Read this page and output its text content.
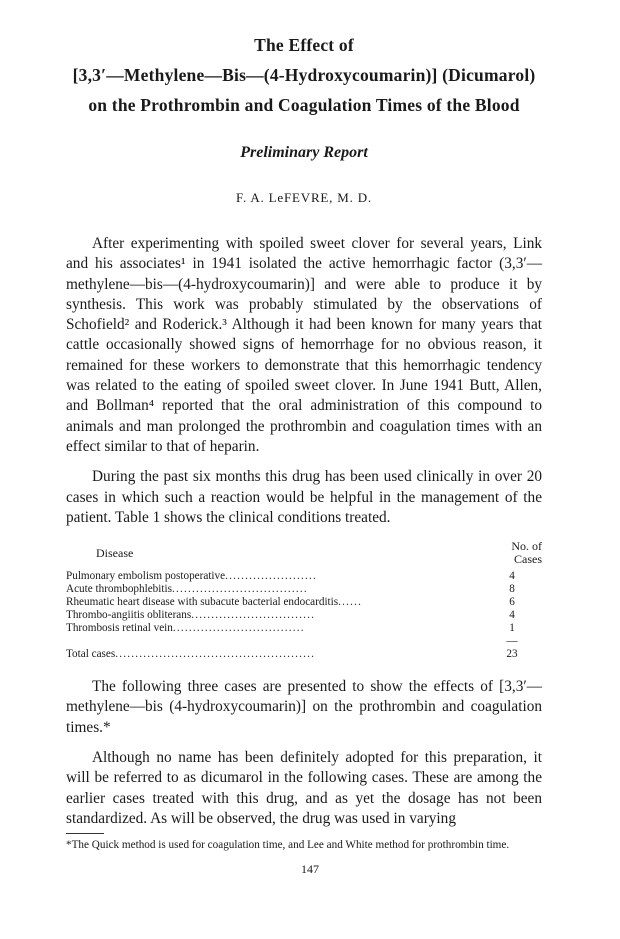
The Effect of
[3,3′—Methylene—Bis—(4-Hydroxycoumarin)] (Dicumarol)
on the Prothrombin and Coagulation Times of the Blood
Preliminary Report
F. A. LeFEVRE, M. D.

After experimenting with spoiled sweet clover for several years, Link and his associates¹ in 1941 isolated the active hemorrhagic factor (3,3′—methylene—bis—(4-hydroxycoumarin)] and were able to produce it by synthesis. This work was probably stimulated by the observations of Schofield² and Roderick.³ Although it had been known for many years that cattle occasionally showed signs of hemorrhage for no obvious reason, it remained for these workers to demonstrate that this hemorrhagic tendency was related to the eating of spoiled sweet clover. In June 1941 Butt, Allen, and Bollman⁴ reported that the oral administration of this compound to animals and man prolonged the prothrombin and coagulation times with an effect similar to that of heparin.

During the past six months this drug has been used clinically in over 20 cases in which such a reaction would be helpful in the management of the patient. Table 1 shows the clinical conditions treated.

Disease	No. of Cases
Pulmonary embolism postoperative.......................	4
Acute thrombophlebitis..................................	8
Rheumatic heart disease with subacute bacterial endocarditis......	6
Thrombo-angiitis obliterans...............................	4
Thrombosis retinal vein.................................	1
	—
Total cases..................................................	23

The following three cases are presented to show the effects of [3,3′—methylene—bis (4-hydroxycoumarin)] on the prothrombin and coagulation times.*

Although no name has been definitely adopted for this preparation, it will be referred to as dicumarol in the following cases. These are among the earlier cases treated with this drug, and as yet the dosage has not been standardized. As will be observed, the drug was used in varying

*The Quick method is used for coagulation time, and Lee and White method for prothrombin time.
147
